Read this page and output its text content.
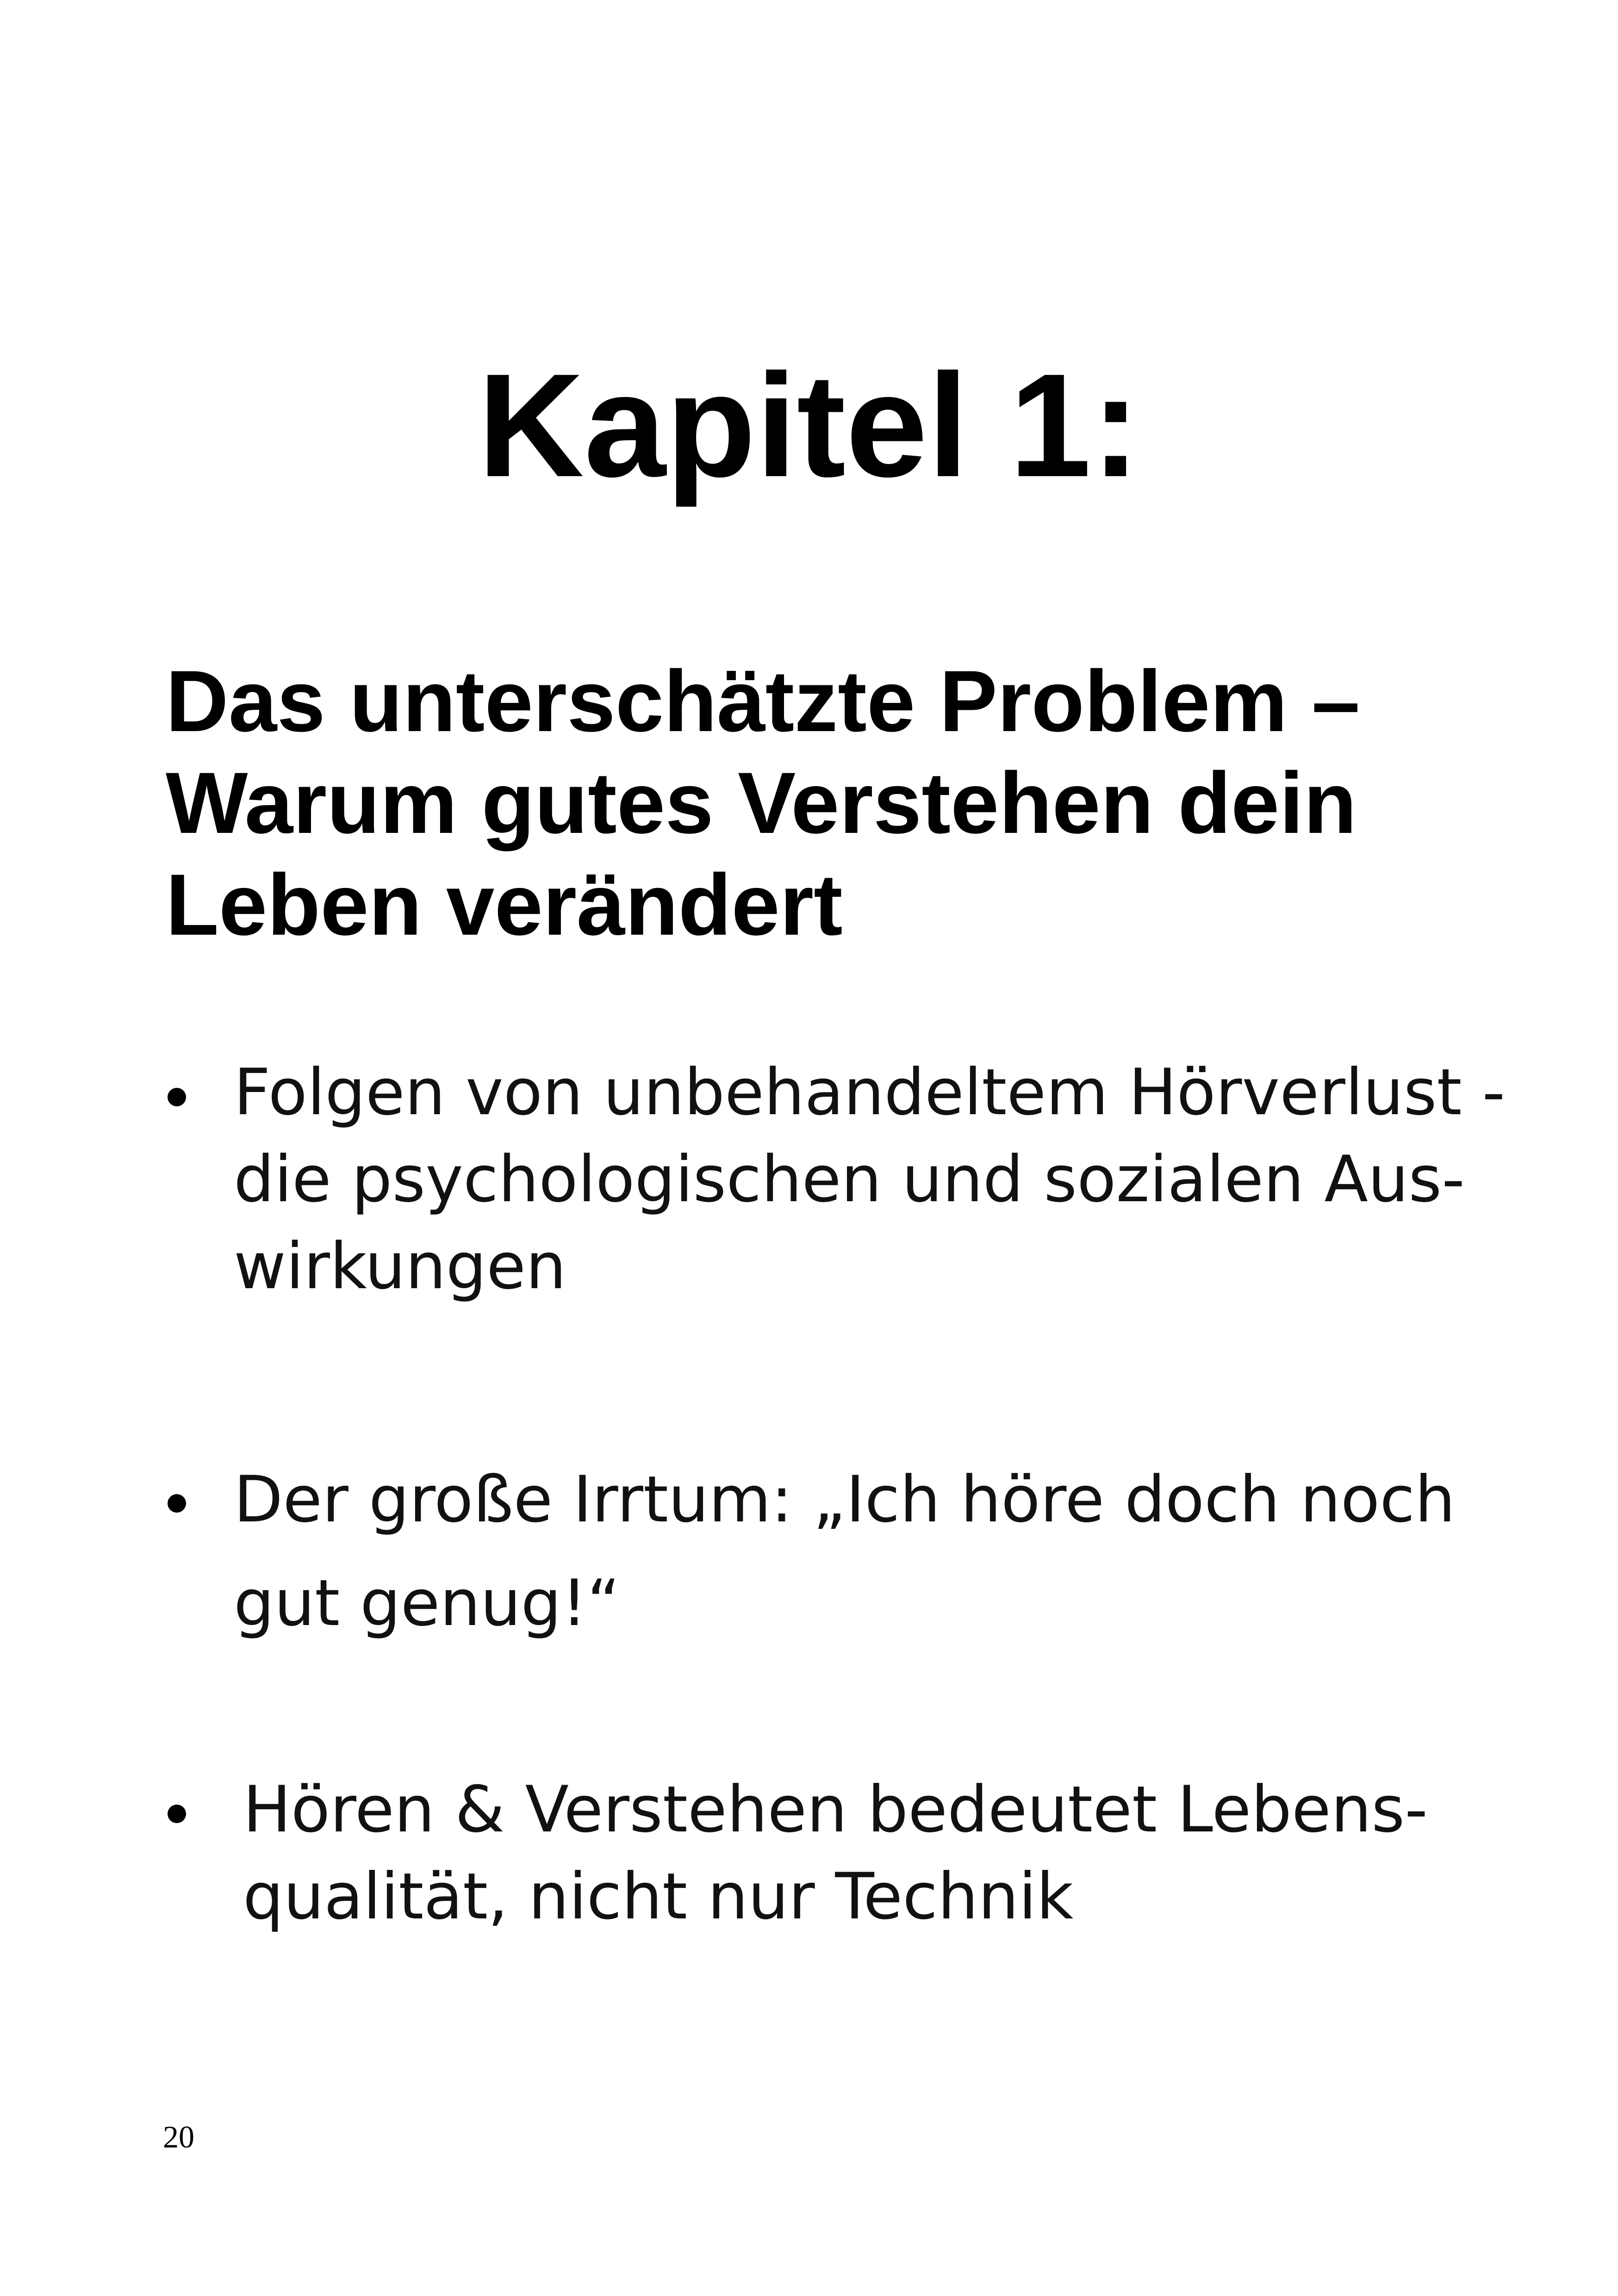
Kapitel 1:
Das unterschätzte Problem –
Warum gutes Verstehen dein
Leben verändert
Folgen von unbehandeltem Hörverlust -
die psychologischen und sozialen Aus-
wirkungen
Der große Irrtum: „Ich höre doch noch
gut genug!“
Hören & Verstehen bedeutet Lebens-
qualität, nicht nur Technik
20
